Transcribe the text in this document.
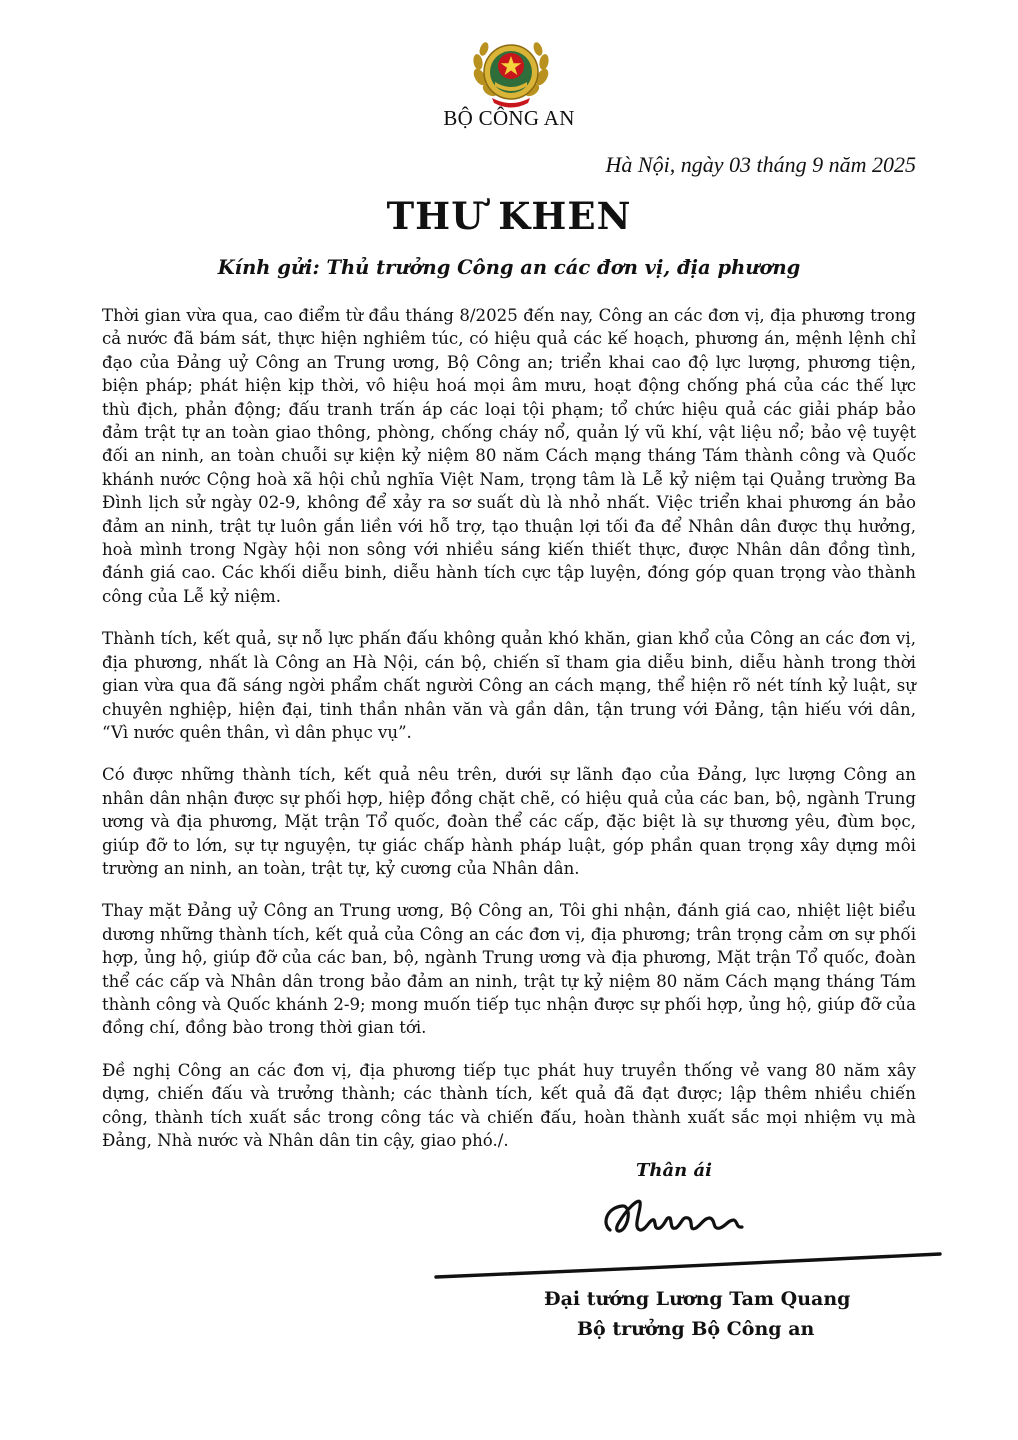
BỘ CÔNG AN
Hà Nội, ngày 03 tháng 9 năm 2025
THƯ KHEN
Kính gửi: Thủ trưởng Công an các đơn vị, địa phương

Thời gian vừa qua, cao điểm từ đầu tháng 8/2025 đến nay, Công an các đơn vị, địa phương trong cả nước đã bám sát, thực hiện nghiêm túc, có hiệu quả các kế hoạch, phương án, mệnh lệnh chỉ đạo của Đảng uỷ Công an Trung ương, Bộ Công an; triển khai cao độ lực lượng, phương tiện, biện pháp; phát hiện kịp thời, vô hiệu hoá mọi âm mưu, hoạt động chống phá của các thế lực thù địch, phản động; đấu tranh trấn áp các loại tội phạm; tổ chức hiệu quả các giải pháp bảo đảm trật tự an toàn giao thông, phòng, chống cháy nổ, quản lý vũ khí, vật liệu nổ; bảo vệ tuyệt đối an ninh, an toàn chuỗi sự kiện kỷ niệm 80 năm Cách mạng tháng Tám thành công và Quốc khánh nước Cộng hoà xã hội chủ nghĩa Việt Nam, trọng tâm là Lễ kỷ niệm tại Quảng trường Ba Đình lịch sử ngày 02-9, không để xảy ra sơ suất dù là nhỏ nhất. Việc triển khai phương án bảo đảm an ninh, trật tự luôn gắn liền với hỗ trợ, tạo thuận lợi tối đa để Nhân dân được thụ hưởng, hoà mình trong Ngày hội non sông với nhiều sáng kiến thiết thực, được Nhân dân đồng tình, đánh giá cao. Các khối diễu binh, diễu hành tích cực tập luyện, đóng góp quan trọng vào thành công của Lễ kỷ niệm.

Thành tích, kết quả, sự nỗ lực phấn đấu không quản khó khăn, gian khổ của Công an các đơn vị, địa phương, nhất là Công an Hà Nội, cán bộ, chiến sĩ tham gia diễu binh, diễu hành trong thời gian vừa qua đã sáng ngời phẩm chất người Công an cách mạng, thể hiện rõ nét tính kỷ luật, sự chuyên nghiệp, hiện đại, tinh thần nhân văn và gần dân, tận trung với Đảng, tận hiếu với dân, “Vì nước quên thân, vì dân phục vụ”.

Có được những thành tích, kết quả nêu trên, dưới sự lãnh đạo của Đảng, lực lượng Công an nhân dân nhận được sự phối hợp, hiệp đồng chặt chẽ, có hiệu quả của các ban, bộ, ngành Trung ương và địa phương, Mặt trận Tổ quốc, đoàn thể các cấp, đặc biệt là sự thương yêu, đùm bọc, giúp đỡ to lớn, sự tự nguyện, tự giác chấp hành pháp luật, góp phần quan trọng xây dựng môi trường an ninh, an toàn, trật tự, kỷ cương của Nhân dân.

Thay mặt Đảng uỷ Công an Trung ương, Bộ Công an, Tôi ghi nhận, đánh giá cao, nhiệt liệt biểu dương những thành tích, kết quả của Công an các đơn vị, địa phương; trân trọng cảm ơn sự phối hợp, ủng hộ, giúp đỡ của các ban, bộ, ngành Trung ương và địa phương, Mặt trận Tổ quốc, đoàn thể các cấp và Nhân dân trong bảo đảm an ninh, trật tự kỷ niệm 80 năm Cách mạng tháng Tám thành công và Quốc khánh 2-9; mong muốn tiếp tục nhận được sự phối hợp, ủng hộ, giúp đỡ của đồng chí, đồng bào trong thời gian tới.

Đề nghị Công an các đơn vị, địa phương tiếp tục phát huy truyền thống vẻ vang 80 năm xây dựng, chiến đấu và trưởng thành; các thành tích, kết quả đã đạt được; lập thêm nhiều chiến công, thành tích xuất sắc trong công tác và chiến đấu, hoàn thành xuất sắc mọi nhiệm vụ mà Đảng, Nhà nước và Nhân dân tin cậy, giao phó./.

Thân ái
Đại tướng Lương Tam Quang
Bộ trưởng Bộ Công an
